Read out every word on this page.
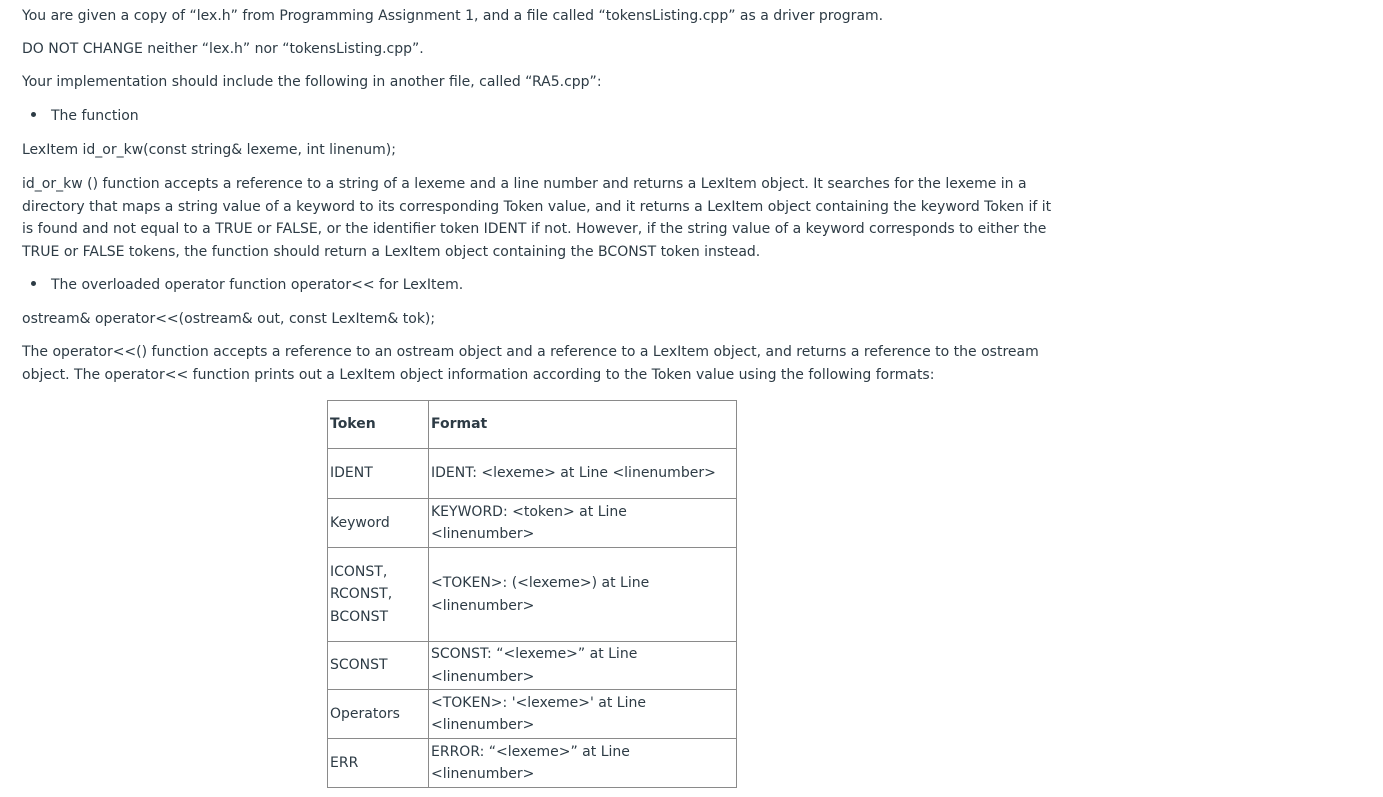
You are given a copy of “lex.h” from Programming Assignment 1, and a file called “tokensListing.cpp” as a driver program.

DO NOT CHANGE neither “lex.h” nor “tokensListing.cpp”.

Your implementation should include the following in another file, called “RA5.cpp”:

The function

LexItem id_or_kw(const string& lexeme, int linenum);

id_or_kw () function accepts a reference to a string of a lexeme and a line number and returns a LexItem object. It searches for the lexeme in a directory that maps a string value of a keyword to its corresponding Token value, and it returns a LexItem object containing the keyword Token if it is found and not equal to a TRUE or FALSE, or the identifier token IDENT if not. However, if the string value of a keyword corresponds to either the TRUE or FALSE tokens, the function should return a LexItem object containing the BCONST token instead.

The overloaded operator function operator<< for LexItem.

ostream& operator<<(ostream& out, const LexItem& tok);

The operator<<() function accepts a reference to an ostream object and a reference to a LexItem object, and returns a reference to the ostream object. The operator<< function prints out a LexItem object information according to the Token value using the following formats:

Token	Format
IDENT	IDENT: <lexeme> at Line <linenumber>
Keyword	KEYWORD: <token> at Line <linenumber>
ICONST,
RCONST,
BCONST	<TOKEN>: (<lexeme>) at Line <linenumber>
SCONST	SCONST: “<lexeme>” at Line <linenumber>
Operators	<TOKEN>: '<lexeme>' at Line <linenumber>
ERR	ERROR: “<lexeme>” at Line <linenumber>
